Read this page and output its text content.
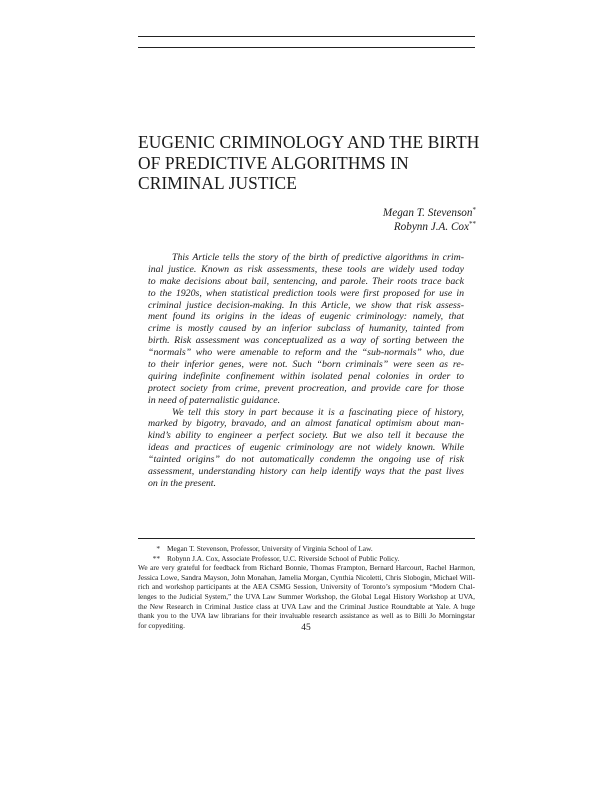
EUGENIC CRIMINOLOGY AND THE BIRTH
OF PREDICTIVE ALGORITHMS IN
CRIMINAL JUSTICE
Megan T. Stevenson*
Robynn J.A. Cox**
This Article tells the story of the birth of predictive algorithms in crim-
inal justice. Known as risk assessments, these tools are widely used today
to make decisions about bail, sentencing, and parole. Their roots trace back
to the 1920s, when statistical prediction tools were first proposed for use in
criminal justice decision-making. In this Article, we show that risk assess-
ment found its origins in the ideas of eugenic criminology: namely, that
crime is mostly caused by an inferior subclass of humanity, tainted from
birth. Risk assessment was conceptualized as a way of sorting between the
“normals” who were amenable to reform and the “sub-normals” who, due
to their inferior genes, were not. Such “born criminals” were seen as re-
quiring indefinite confinement within isolated penal colonies in order to
protect society from crime, prevent procreation, and provide care for those
in need of paternalistic guidance.
We tell this story in part because it is a fascinating piece of history,
marked by bigotry, bravado, and an almost fanatical optimism about man-
kind’s ability to engineer a perfect society. But we also tell it because the
ideas and practices of eugenic criminology are not widely known. While
“tainted origins” do not automatically condemn the ongoing use of risk
assessment, understanding history can help identify ways that the past lives
on in the present.
* Megan T. Stevenson, Professor, University of Virginia School of Law.
** Robynn J.A. Cox, Associate Professor, U.C. Riverside School of Public Policy.
We are very grateful for feedback from Richard Bonnie, Thomas Frampton, Bernard Harcourt, Rachel Harmon,
Jessica Lowe, Sandra Mayson, John Monahan, Jamelia Morgan, Cynthia Nicoletti, Chris Slobogin, Michael Will-
rich and workshop participants at the AEA CSMG Session, University of Toronto’s symposium “Modern Chal-
lenges to the Judicial System,” the UVA Law Summer Workshop, the Global Legal History Workshop at UVA,
the New Research in Criminal Justice class at UVA Law and the Criminal Justice Roundtable at Yale. A huge
thank you to the UVA law librarians for their invaluable research assistance as well as to Billi Jo Morningstar
for copyediting.	45
